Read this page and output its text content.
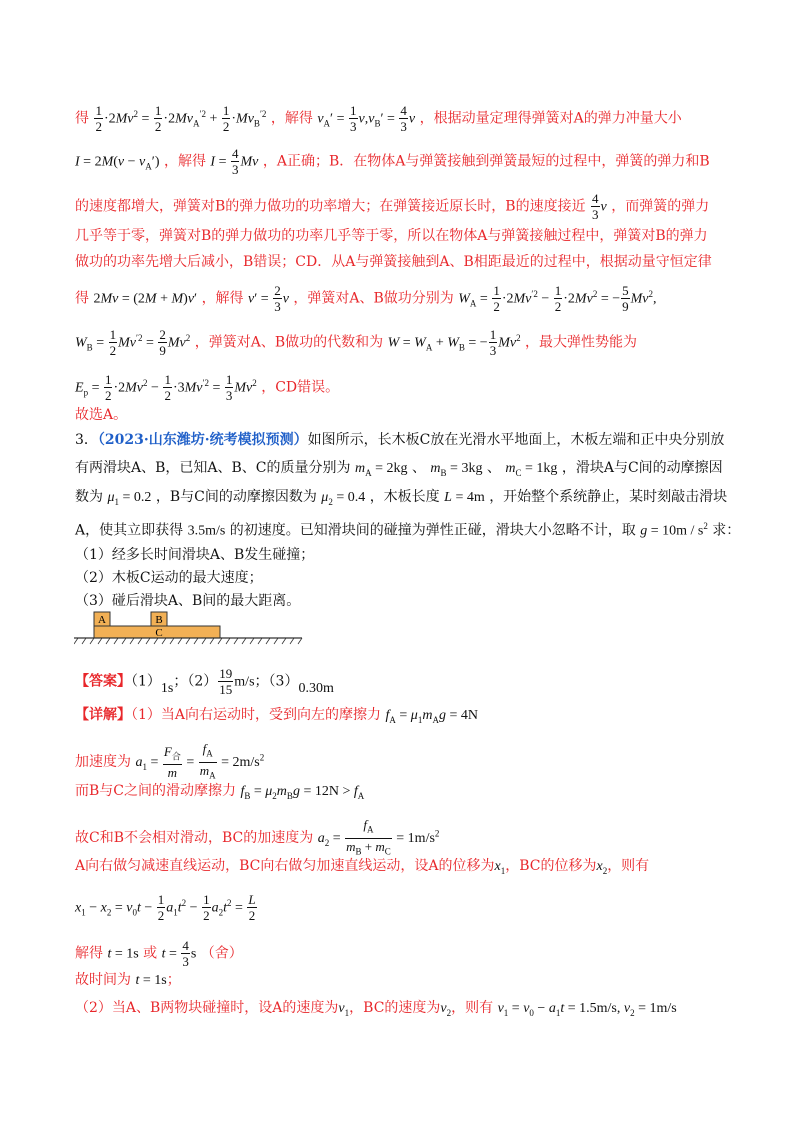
得 $\frac{1}{2} \cdot 2Mv^2 = \frac{1}{2} \cdot 2Mv_A^{'2} + \frac{1}{2} \cdot Mv_B^{'2}$ ，解得 $v_A' = \frac{1}{3} v,v_B' = \frac{4}{3}$ v ，根据动量定理得弹簧对A的弹力冲量大小
$I = 2M(v - v_A')$ ，解得 $I = \frac{4}{3}$ Mv ，A正确；B．在物体A与弹簧接触到弹簧最短的过程中，弹簧的弹力和B
的速度都增大，弹簧对B的弹力做功的功率增大；在弹簧接近原长时，B的速度接近 $\frac{4}{3}$ v ，而弹簧的弹力
几乎等于零，弹簧对B的弹力做功的功率几乎等于零，所以在物体A与弹簧接触过程中，弹簧对B的弹力
做功的功率先增大后减小，B错误；CD．从A与弹簧接触到A、B相距最近的过程中，根据动量守恒定律
得 2Mv = (2M + M)v′ ，解得 $v' = \frac{2}{3}$ v ，弹簧对A、B做功分别为 $W_A = \frac{1}{2} \cdot 2Mv^{'2} - \frac{1}{2} \cdot 2Mv^2$ = − $\frac{5}{9} Mv^2$,
$W_B = \frac{1}{2} Mv^{'2} = \frac{2}{9} Mv^2$ ，弹簧对A、B做功的代数和为 $W = W_A + W_B$ = − $\frac{1}{3} Mv^2$ ，最大弹性势能为
$E_p = \frac{1}{2} \cdot 2Mv^2 - \frac{1}{2} \cdot 3Mv^{'2} = \frac{1}{3} Mv^2$ ，CD错误。
故选A。
3．（2023·山东潍坊·统考模拟预测）如图所示，长木板C放在光滑水平地面上，木板左端和正中央分别放
有两滑块A、B，已知A、B、C的质量分别为 $m_A = 2kg$ 、 $m_B = 3kg$ 、 $m_C = 1kg$ ，滑块A与C间的动摩擦因
数为 $\mu_1 = 0.2$ ，B与C间的动摩擦因数为 $\mu_2 = 0.4$ ，木板长度 L = 4m ，开始整个系统静止，某时刻敲击滑块
A，使其立即获得 3.5m/s 的初速度。已知滑块间的碰撞为弹性正碰，滑块大小忽略不计，取 $g = 10m / s^2$ 求：
（1）经多长时间滑块A、B发生碰撞；
（2）木板C运动的最大速度；
（3）碰后滑块A、B间的最大距离。
A	B
C
【答案】（1）1s；$(2) \frac{19}{15} m/s$；（3）0.30m
【详解】（1）当A向右运动时，受到向左的摩擦力 $f_A = \mu_1m_Ag = 4N$
加速度为 $a_1 = \frac{F_合}{m} = \frac{f_A}{m_A} = 2m/s^2$
而B与C之间的滑动摩擦力 $f_B = \mu_2m_Bg = 12N > f_A$
故C和B不会相对滑动，BC的加速度为 $a_2 = \frac{f_A}{m_B + m_C} = 1m/s^2$
A向右做匀减速直线运动，BC向右做匀加速直线运动，设A的位移为$x_1$，BC的位移为$x_2$，则有
$x_1 - x_2 = v_0t - \frac{1}{2} a_1t^2 - \frac{1}{2} a_2t^2 = \frac{L}{2}$
解得 t = 1s 或 $t = \frac{4}{3}$ s （舍）
故时间为 t = 1s；
（2）当A、B两物块碰撞时，设A的速度为$v_1$，BC的速度为$v_2$，则有 $v_1 = v_0 - a_1t = 1.5m/s$, $v_2 = 1m/s$
